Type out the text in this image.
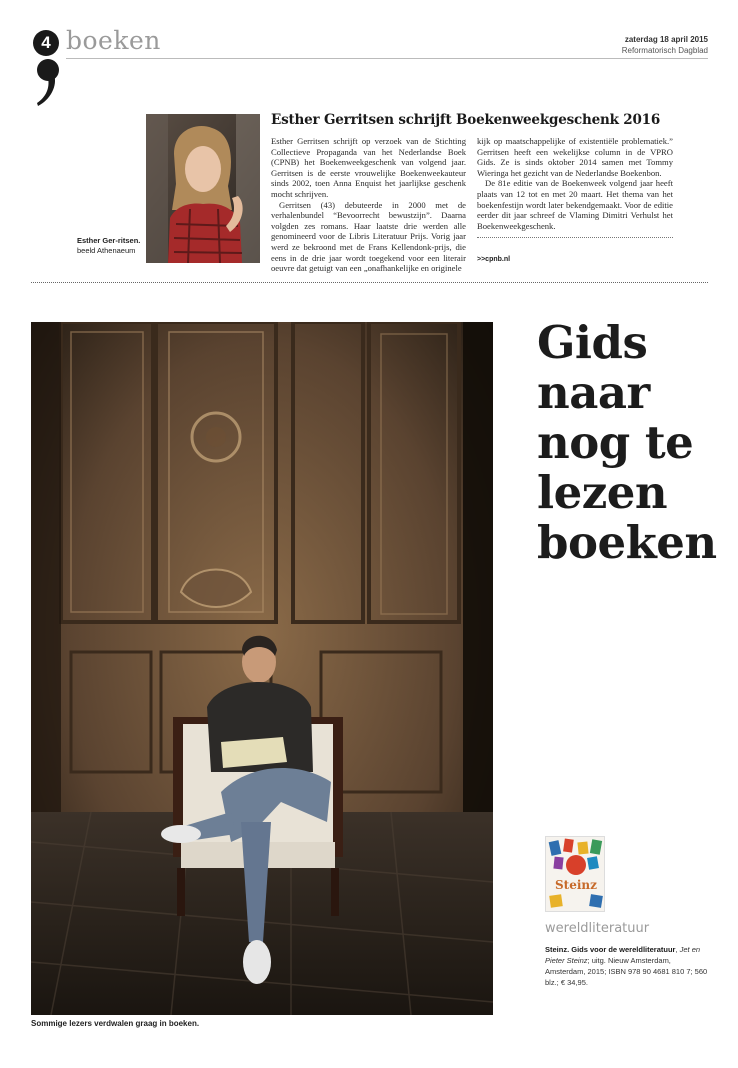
4 boeken	zaterdag 18 april 2015
Reformatorisch Dagblad
Esther Ger-ritsen. beeld Athenaeum
Esther Gerritsen schrijft Boekenweekgeschenk 2016

Esther Gerritsen schrijft op verzoek van de Stichting Collectieve Propaganda van het Nederlandse Boek (CPNB) het Boekenweekgeschenk van volgend jaar. Gerritsen is de eerste vrouwelijke Boekenweekauteur sinds 2002, toen Anna Enquist het jaarlijkse geschenk mocht schrijven.

Gerritsen (43) debuteerde in 2000 met de verhalenbundel “Bevoorrecht bewustzijn”. Daarna volgden zes romans. Haar laatste drie werden alle genomineerd voor de Libris Literatuur Prijs. Vorig jaar werd ze bekroond met de Frans Kellendonk-prijs, die eens in de drie jaar wordt toegekend voor een literair oeuvre dat getuigt van een „onafhankelijke en originele

kijk op maatschappelijke of existentiële problematiek.” Gerritsen heeft een wekelijkse column in de VPRO Gids. Ze is sinds oktober 2014 samen met Tommy Wieringa het gezicht van de Nederlandse Boekenbon.

De 81e editie van de Boekenweek volgend jaar heeft plaats van 12 tot en met 20 maart. Het thema van het boekenfestijn wordt later bekendgemaakt. Voor de editie eerder dit jaar schreef de Vlaming Dimitri Verhulst het Boekenweekgeschenk.

>>cpnb.nl
Sommige lezers verdwalen graag in boeken.
Gids
naar
nog te
lezen
boeken
Steinz
wereldliteratuur
Steinz. Gids voor de wereldliteratuur, Jet en Pieter Steinz; uitg. Nieuw Amsterdam, Amsterdam, 2015; ISBN 978 90 4681 810 7; 560 blz.; € 34,95.
